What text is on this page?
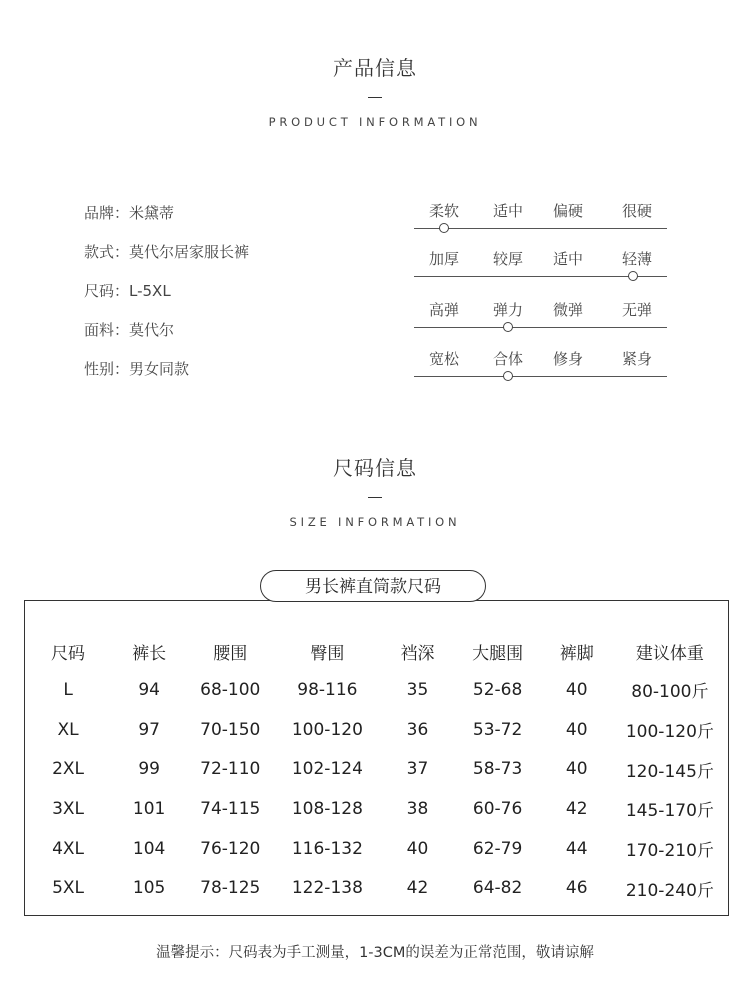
产品信息
PRODUCT INFORMATION
品牌：米黛蒂
款式：莫代尔居家服长裤
尺码：L-5XL
面料：莫代尔
性别：男女同款
柔软 适中 偏硬	很硬
加厚 较厚 适中	轻薄
高弹 弹力 微弹	无弹
宽松 合体 修身	紧身
尺码信息
SIZE INFORMATION
尺码	裤长	腰围	臀围	裆深	大腿围	裤脚	建议体重
L	94	68-100	98-116	35	52-68	40	80-100斤
XL	97	70-150	100-120	36	53-72	40	100-120斤
2XL	99	72-110	102-124	37	58-73	40	120-145斤
3XL	101	74-115	108-128	38	60-76	42	145-170斤
4XL	104	76-120	116-132	40	62-79	44	170-210斤
5XL	105	78-125	122-138	42	64-82	46	210-240斤
男长裤直筒款尺码
温馨提示：尺码表为手工测量，1-3CM的误差为正常范围，敬请谅解
